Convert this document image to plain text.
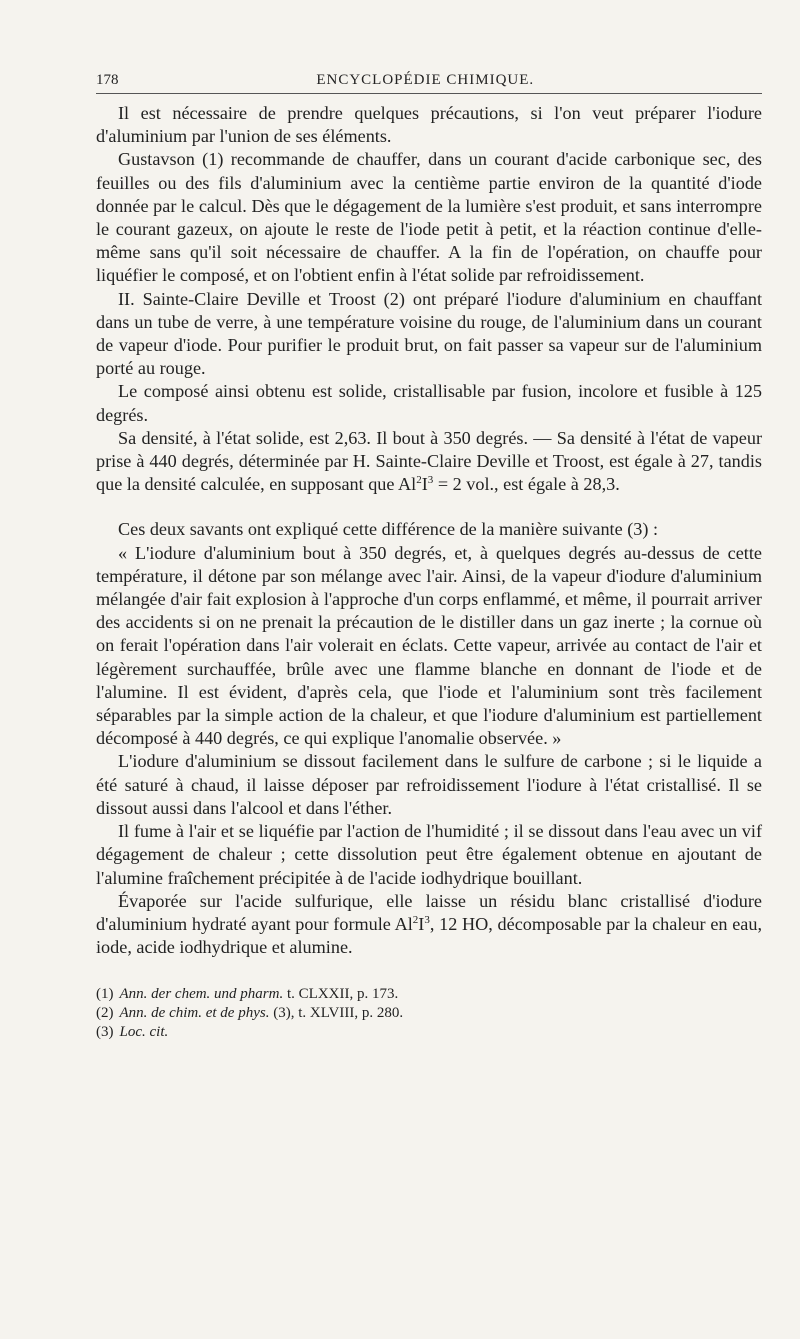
178	ENCYCLOPÉDIE CHIMIQUE.

Il est nécessaire de prendre quelques précautions, si l'on veut préparer l'iodure d'aluminium par l'union de ses éléments.

Gustavson (1) recommande de chauffer, dans un courant d'acide carbonique sec, des feuilles ou des fils d'aluminium avec la centième partie environ de la quantité d'iode donnée par le calcul. Dès que le dégagement de la lumière s'est produit, et sans interrompre le courant gazeux, on ajoute le reste de l'iode petit à petit, et la réaction continue d'elle-même sans qu'il soit nécessaire de chauffer. A la fin de l'opération, on chauffe pour liquéfier le composé, et on l'obtient enfin à l'état solide par refroidissement.

II. Sainte-Claire Deville et Troost (2) ont préparé l'iodure d'aluminium en chauffant dans un tube de verre, à une température voisine du rouge, de l'aluminium dans un courant de vapeur d'iode. Pour purifier le produit brut, on fait passer sa vapeur sur de l'aluminium porté au rouge.

Le composé ainsi obtenu est solide, cristallisable par fusion, incolore et fusible à 125 degrés.

Sa densité, à l'état solide, est 2,63. Il bout à 350 degrés. — Sa densité à l'état de vapeur prise à 440 degrés, déterminée par H. Sainte-Claire Deville et Troost, est égale à 27, tandis que la densité calculée, en supposant que $Al^2I^3 = 2$ vol., est égale à 28,3.

Ces deux savants ont expliqué cette différence de la manière suivante (3) :

« L'iodure d'aluminium bout à 350 degrés, et, à quelques degrés au-dessus de cette température, il détone par son mélange avec l'air. Ainsi, de la vapeur d'iodure d'aluminium mélangée d'air fait explosion à l'approche d'un corps enflammé, et même, il pourrait arriver des accidents si on ne prenait la précaution de le distiller dans un gaz inerte ; la cornue où on ferait l'opération dans l'air volerait en éclats. Cette vapeur, arrivée au contact de l'air et légèrement surchauffée, brûle avec une flamme blanche en donnant de l'iode et de l'alumine. Il est évident, d'après cela, que l'iode et l'aluminium sont très facilement séparables par la simple action de la chaleur, et que l'iodure d'aluminium est partiellement décomposé à 440 degrés, ce qui explique l'anomalie observée. »

L'iodure d'aluminium se dissout facilement dans le sulfure de carbone ; si le liquide a été saturé à chaud, il laisse déposer par refroidissement l'iodure à l'état cristallisé. Il se dissout aussi dans l'alcool et dans l'éther.

Il fume à l'air et se liquéfie par l'action de l'humidité ; il se dissout dans l'eau avec un vif dégagement de chaleur ; cette dissolution peut être également obtenue en ajoutant de l'alumine fraîchement précipitée à de l'acide iodhydrique bouillant.

Évaporée sur l'acide sulfurique, elle laisse un résidu blanc cristallisé d'iodure d'aluminium hydraté ayant pour formule $Al^2I^3$, 12 HO, décomposable par la chaleur en eau, iode, acide iodhydrique et alumine.

(1) Ann. der chem. und pharm. t. CLXXII, p. 173.
(2) Ann. de chim. et de phys. (3), t. XLVIII, p. 280.
(3) Loc. cit.
